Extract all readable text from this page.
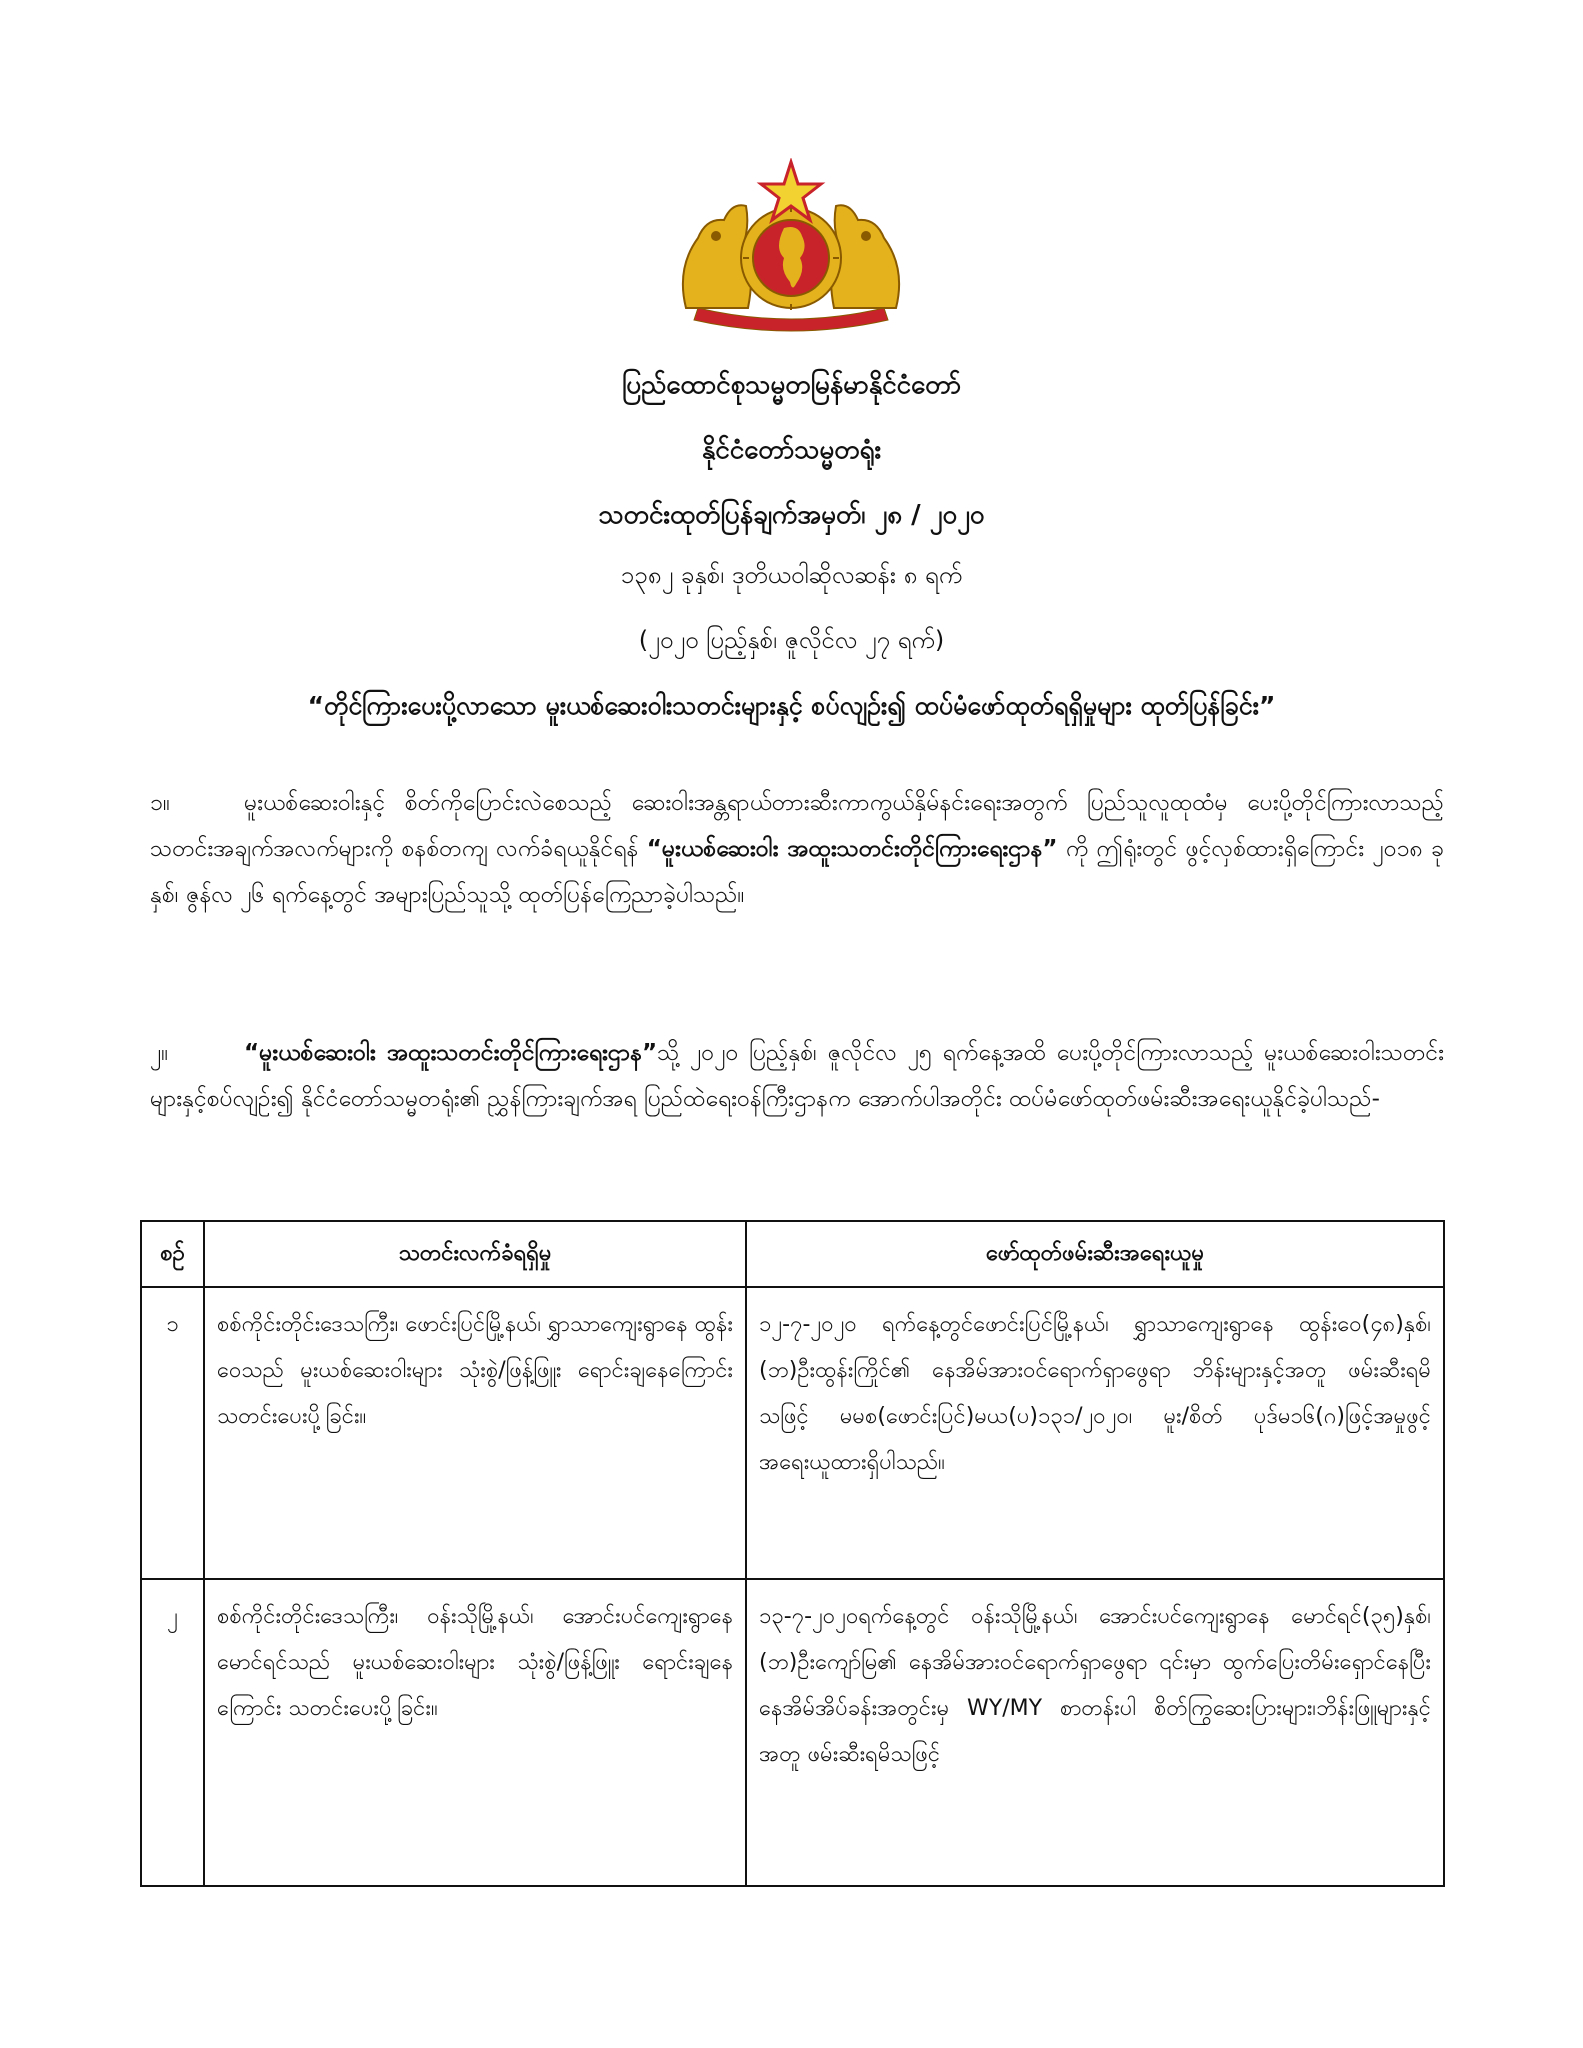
ပြည်ထောင်စုသမ္မတမြန်မာနိုင်ငံတော်
နိုင်ငံတော်သမ္မတရုံး
သတင်းထုတ်ပြန်ချက်အမှတ်၊ ၂၈ / ၂၀၂၀
၁၃၈၂ ခုနှစ်၊ ဒုတိယဝါဆိုလဆန်း ၈ ရက်
(၂၀၂၀ ပြည့်နှစ်၊ ဇူလိုင်လ ၂၇ ရက်)
“တိုင်ကြားပေးပို့လာသော မူးယစ်ဆေးဝါးသတင်းများနှင့် စပ်လျဉ်း၍ ထပ်မံဖော်ထုတ်ရရှိမှုများ ထုတ်ပြန်ခြင်း”
၁။	မူးယစ်ဆေးဝါးနှင့် စိတ်ကိုပြောင်းလဲစေသည့် ဆေးဝါးအန္တရာယ်တားဆီးကာကွယ်နှိမ်နင်းရေးအတွက် ပြည်သူလူထုထံမှ ပေးပို့တိုင်ကြားလာသည့် သတင်းအချက်အလက်များကို စနစ်တကျ လက်ခံရယူနိုင်ရန် “မူးယစ်ဆေးဝါး အထူးသတင်းတိုင်ကြားရေးဌာန” ကို ဤရုံးတွင် ဖွင့်လှစ်ထားရှိကြောင်း ၂၀၁၈ ခုနှစ်၊ ဇွန်လ ၂၆ ရက်နေ့တွင် အများပြည်သူသို့ ထုတ်ပြန်ကြေညာခဲ့ပါသည်။
၂။	“မူးယစ်ဆေးဝါး အထူးသတင်းတိုင်ကြားရေးဌာန”သို့ ၂၀၂၀ ပြည့်နှစ်၊ ဇူလိုင်လ ၂၅ ရက်နေ့အထိ ပေးပို့တိုင်ကြားလာသည့် မူးယစ်ဆေးဝါးသတင်းများနှင့်စပ်လျဉ်း၍ နိုင်ငံတော်သမ္မတရုံး၏ ညွှန်ကြားချက်အရ ပြည်ထဲရေးဝန်ကြီးဌာနက အောက်ပါအတိုင်း ထပ်မံဖော်ထုတ်ဖမ်းဆီးအရေးယူနိုင်ခဲ့ပါသည်-
စဉ်	သတင်းလက်ခံရရှိမှု	ဖော်ထုတ်ဖမ်းဆီးအရေးယူမှု
၁	စစ်ကိုင်းတိုင်းဒေသကြီး၊ ဖောင်းပြင်မြို့နယ်၊ ရွှာသာကျေးရွာနေ ထွန်းဝေသည် မူးယစ်ဆေးဝါးများ သုံးစွဲ/ဖြန့်ဖြူး ရောင်းချနေကြောင်း သတင်းပေးပို့ခြင်း။	၁၂-၇-၂၀၂၀ ရက်နေ့တွင်ဖောင်းပြင်မြို့နယ်၊ ရွှာသာကျေးရွာနေ ထွန်းဝေ(၄၈)နှစ်၊(ဘ)ဦးထွန်းကြိုင်၏ နေအိမ်အားဝင်ရောက်ရှာဖွေရာ ဘိန်းများနှင့်အတူ ဖမ်းဆီးရမိသဖြင့် မမစ(ဖောင်းပြင်)မယ(ပ)၁၃၁/၂၀၂၀၊ မူး/စိတ် ပုဒ်မ၁၆(ဂ)ဖြင့်အမှုဖွင့် အရေးယူထားရှိပါသည်။
၂	စစ်ကိုင်းတိုင်းဒေသကြီး၊ ဝန်းသိုမြို့နယ်၊ အောင်းပင်ကျေးရွာနေ မောင်ရင်သည် မူးယစ်ဆေးဝါးများ သုံးစွဲ/ဖြန့်ဖြူး ရောင်းချနေကြောင်း သတင်းပေးပို့ခြင်း။	၁၃-၇-၂၀၂၀ရက်နေ့တွင် ဝန်းသိုမြို့နယ်၊ အောင်းပင်ကျေးရွာနေ မောင်ရင်(၃၅)နှစ်၊(ဘ)ဦးကျော်မြ၏ နေအိမ်အားဝင်ရောက်ရှာဖွေရာ ၎င်းမှာ ထွက်ပြေးတိမ်းရှောင်နေပြီး နေအိမ်အိပ်ခန်းအတွင်းမှ WY/MY စာတန်းပါ စိတ်ကြွဆေးပြားများ၊ဘိန်းဖြူများနှင့်အတူ ဖမ်းဆီးရမိသဖြင့်
